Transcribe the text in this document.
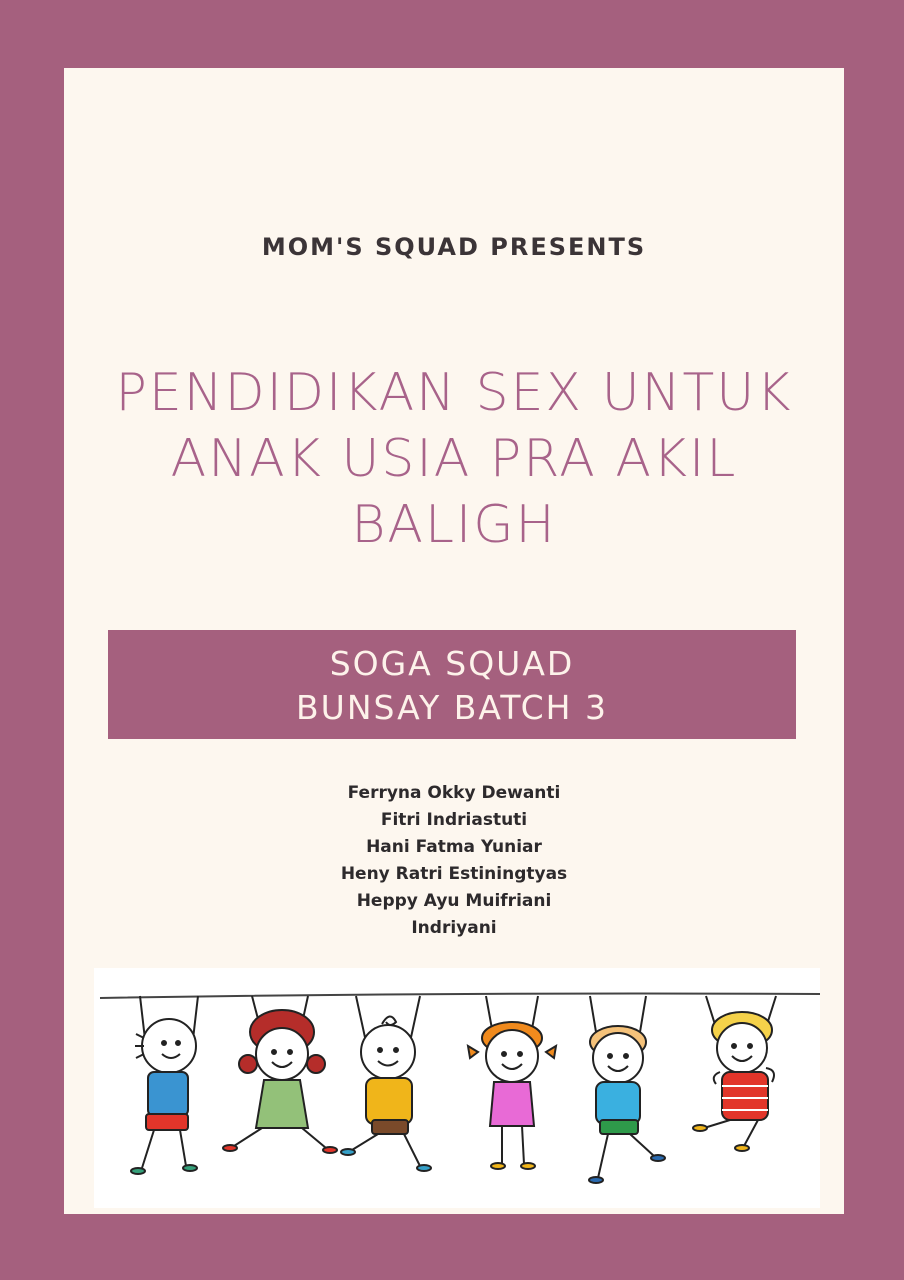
MOM'S SQUAD PRESENTS
PENDIDIKAN SEX UNTUK
ANAK USIA PRA AKIL
BALIGH
SOGA SQUAD
BUNSAY BATCH 3
Ferryna Okky Dewanti
Fitri Indriastuti
Hani Fatma Yuniar
Heny Ratri Estiningtyas
Heppy Ayu Muifriani
Indriyani
